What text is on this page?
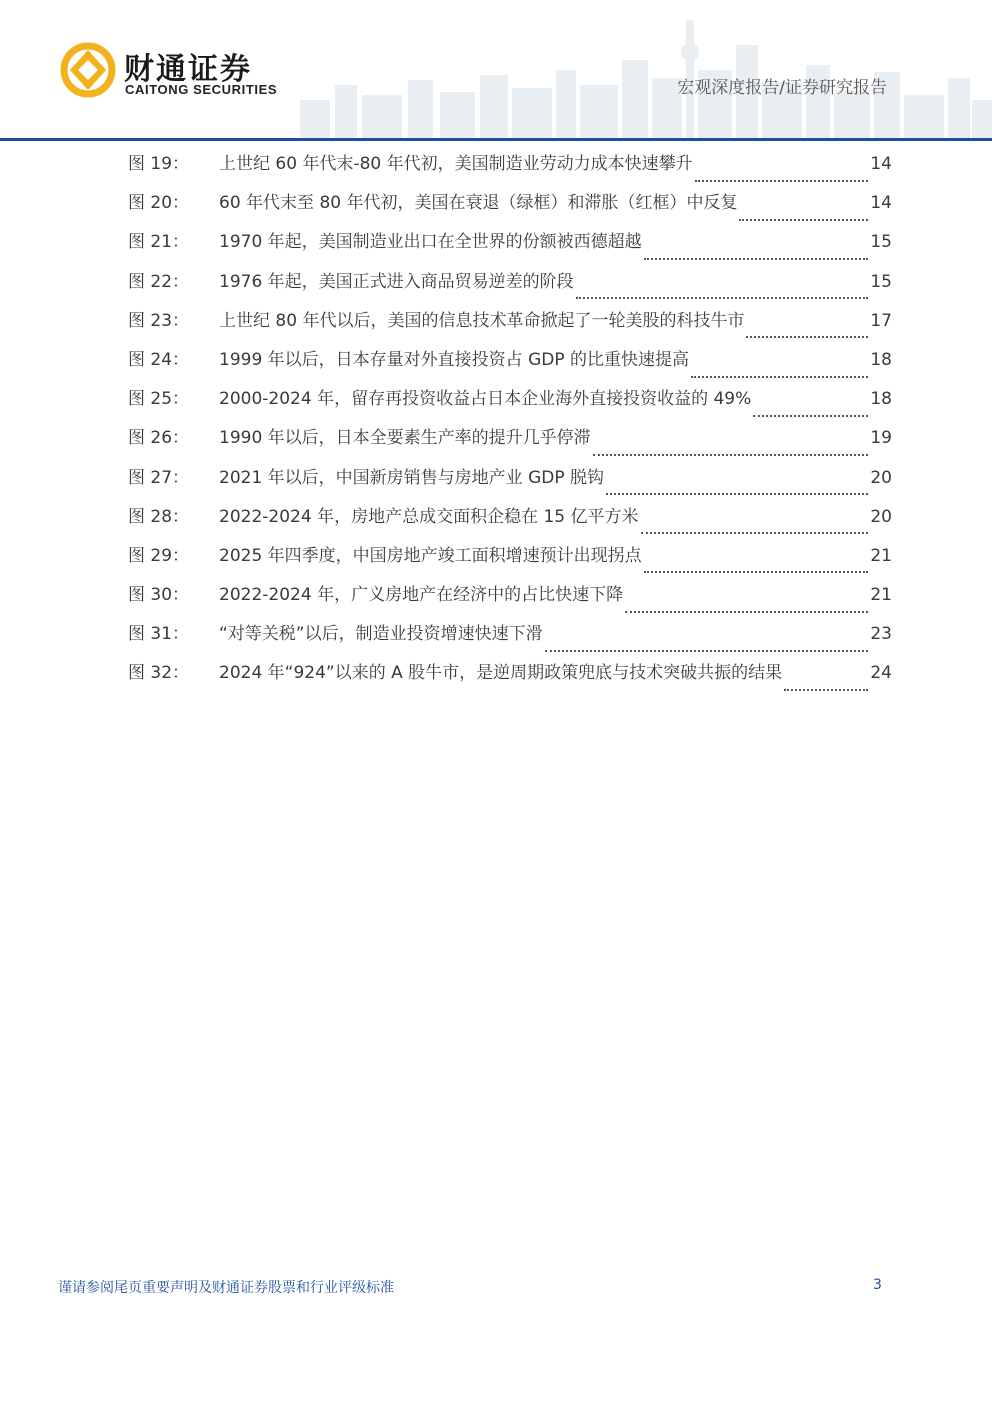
财通证券
CAITONG SECURITIES	宏观深度报告/证券研究报告
图 19：	上世纪 60 年代末-80 年代初，美国制造业劳动力成本快速攀升	14
图 20：	60 年代末至 80 年代初，美国在衰退（绿框）和滞胀（红框）中反复	14
图 21：	1970 年起，美国制造业出口在全世界的份额被西德超越	15
图 22：	1976 年起，美国正式进入商品贸易逆差的阶段	15
图 23：	上世纪 80 年代以后，美国的信息技术革命掀起了一轮美股的科技牛市	17
图 24：	1999 年以后，日本存量对外直接投资占 GDP 的比重快速提高	18
图 25：	2000-2024 年，留存再投资收益占日本企业海外直接投资收益的 49%	18
图 26：	1990 年以后，日本全要素生产率的提升几乎停滞	19
图 27：	2021 年以后，中国新房销售与房地产业 GDP 脱钩	20
图 28：	2022-2024 年，房地产总成交面积企稳在 15 亿平方米	20
图 29：	2025 年四季度，中国房地产竣工面积增速预计出现拐点	21
图 30：	2022-2024 年，广义房地产在经济中的占比快速下降	21
图 31：	“对等关税”以后，制造业投资增速快速下滑	23
图 32：	2024 年“924”以来的 A 股牛市，是逆周期政策兜底与技术突破共振的结果	24
谨请参阅尾页重要声明及财通证券股票和行业评级标准	3
